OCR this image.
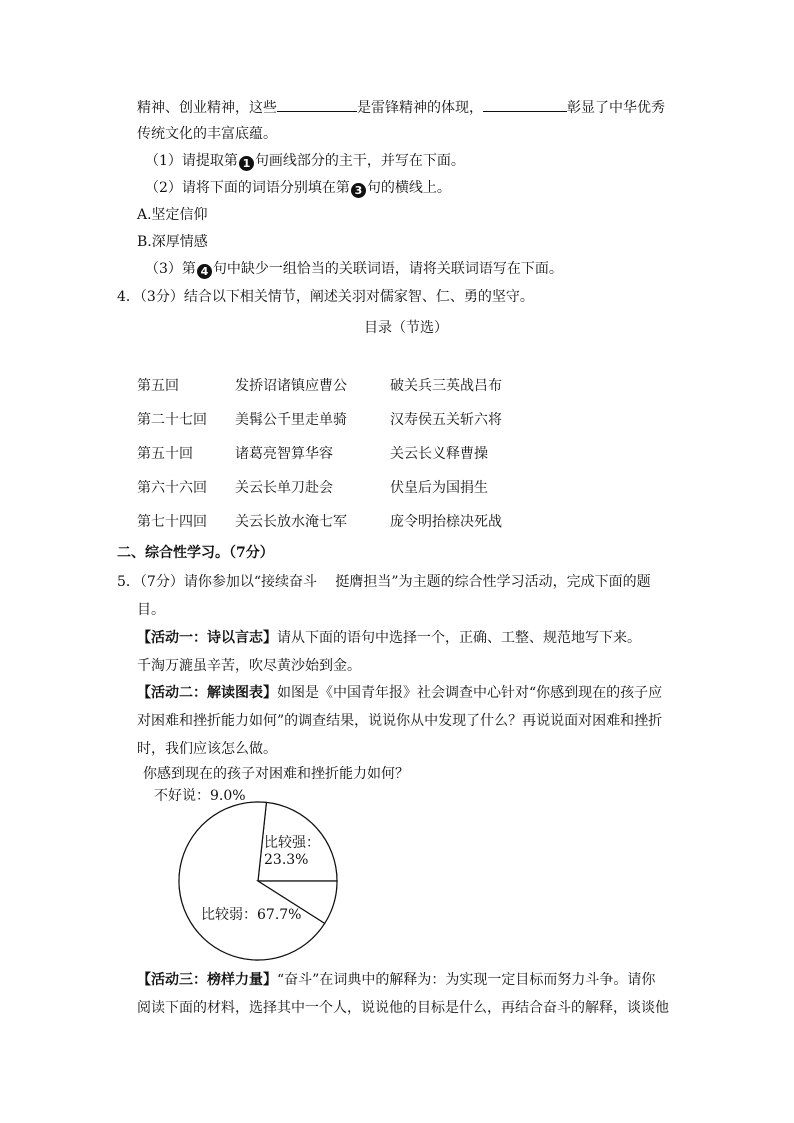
精神、创业精神，这些	是雷锋精神的体现，	彰显了中华优秀
传统文化的丰富底蕴。
（1）请提取第 1 句画线部分的主干，并写在下面。
（2）请将下面的词语分别填在第 3 句的横线上。
A.坚定信仰
B.深厚情感
（3）第 4 句中缺少一组恰当的关联词语，请将关联词语写在下面。
4．（3分）结合以下相关情节，阐述关羽对儒家智、仁、勇的坚守。
目录（节选）
第五回	发挢诏诸镇应曹公	破关兵三英战吕布
第二十七回 美髯公千里走单骑	汉寿侯五关斩六将
第五十回	诸葛亮智算华容	关云长义释曹操
第六十六回 关云长单刀赴会	伏皇后为国捐生
第七十四回 关云长放水淹七军	庞令明抬榇决死战
二、综合性学习。（7分）
5．（7分）请你参加以“接续奋斗　 挺膺担当”为主题的综合性学习活动，完成下面的题
目。
【活动一：诗以言志】请从下面的语句中选择一个，正确、工整、规范地写下来。
千淘万漉虽辛苦，吹尽黄沙始到金。
【活动二：解读图表】如图是《中国青年报》社会调查中心针对“你感到现在的孩子应
对困难和挫折能力如何”的调查结果，说说你从中发现了什么？再说说面对困难和挫折
时，我们应该怎么做。
你感到现在的孩子对困难和挫折能力如何？
比较强：
23.3%
比较弱：67.7%
不好说：9.0%
【活动三：榜样力量】“奋斗”在词典中的解释为：为实现一定目标而努力斗争。请你
阅读下面的材料，选择其中一个人，说说他的目标是什么，再结合奋斗的解释，谈谈他
